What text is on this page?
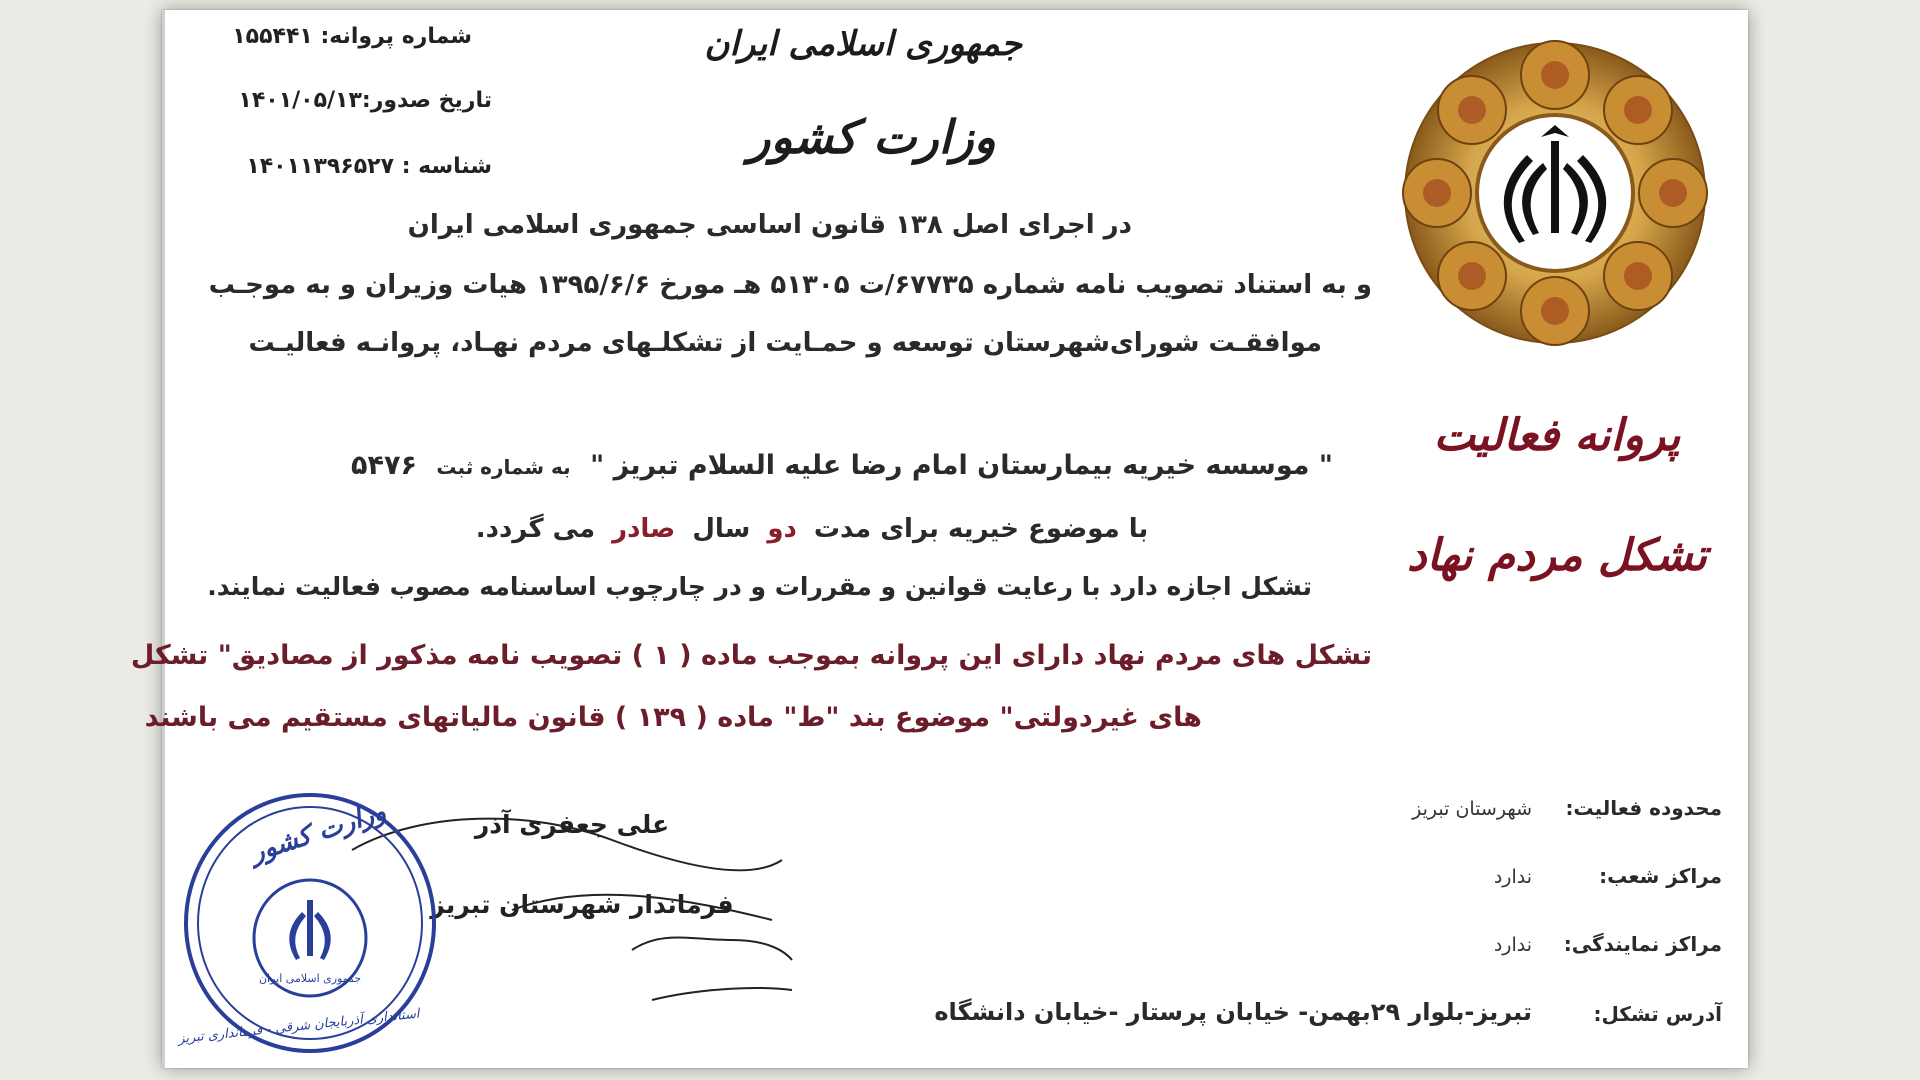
جمهوری اسلامی ایران
وزارت کشور
شماره پروانه: ۱۵۵۴۴۱
تاریخ صدور:۱۴۰۱/۰۵/۱۳
شناسه : ۱۴۰۱۱۳۹۶۵۲۷
پروانه فعالیت
تشکل مردم نهاد
در اجرای اصل ۱۳۸ قانون اساسی جمهوری اسلامی ایران
و به استناد تصویب نامه شماره ۶۷۷۳۵/ت ۵۱۳۰۵ هـ مورخ ۱۳۹۵/۶/۶ هیات وزیران و به موجـب
موافقـت شورای‌شهرستان توسعه و حمـایت از تشکلـهای مردم نهـاد، پروانـه فعالیـت
" موسسه خیریه بیمارستان امام رضا علیه السلام تبریز " به شماره ثبت ۵۴۷۶
با موضوع خیریه برای مدت دو سال صادر می گردد.
تشکل اجازه دارد با رعایت قوانین و مقررات و در چارچوب اساسنامه مصوب فعالیت نمایند.
تشکل های مردم نهاد دارای این پروانه بموجب ماده ( ۱ ) تصویب نامه مذکور از مصادیق" تشکل
های غیردولتی" موضوع بند "ط" ماده ( ۱۳۹ ) قانون مالیاتهای مستقیم می باشند
محدوده فعالیت:
شهرستان تبریز
مراکز شعب:
ندارد
مراکز نمایندگی:
ندارد
آدرس تشکل:
تبریز-بلوار ۲۹بهمن- خیابان پرستار -خیابان دانشگاه
علی جعفری آذر
فرماندار شهرستان تبریز
وزارت کشور
جمهوری اسلامی ایران
استانداری آذربایجان شرقی - فرمانداری تبریز
